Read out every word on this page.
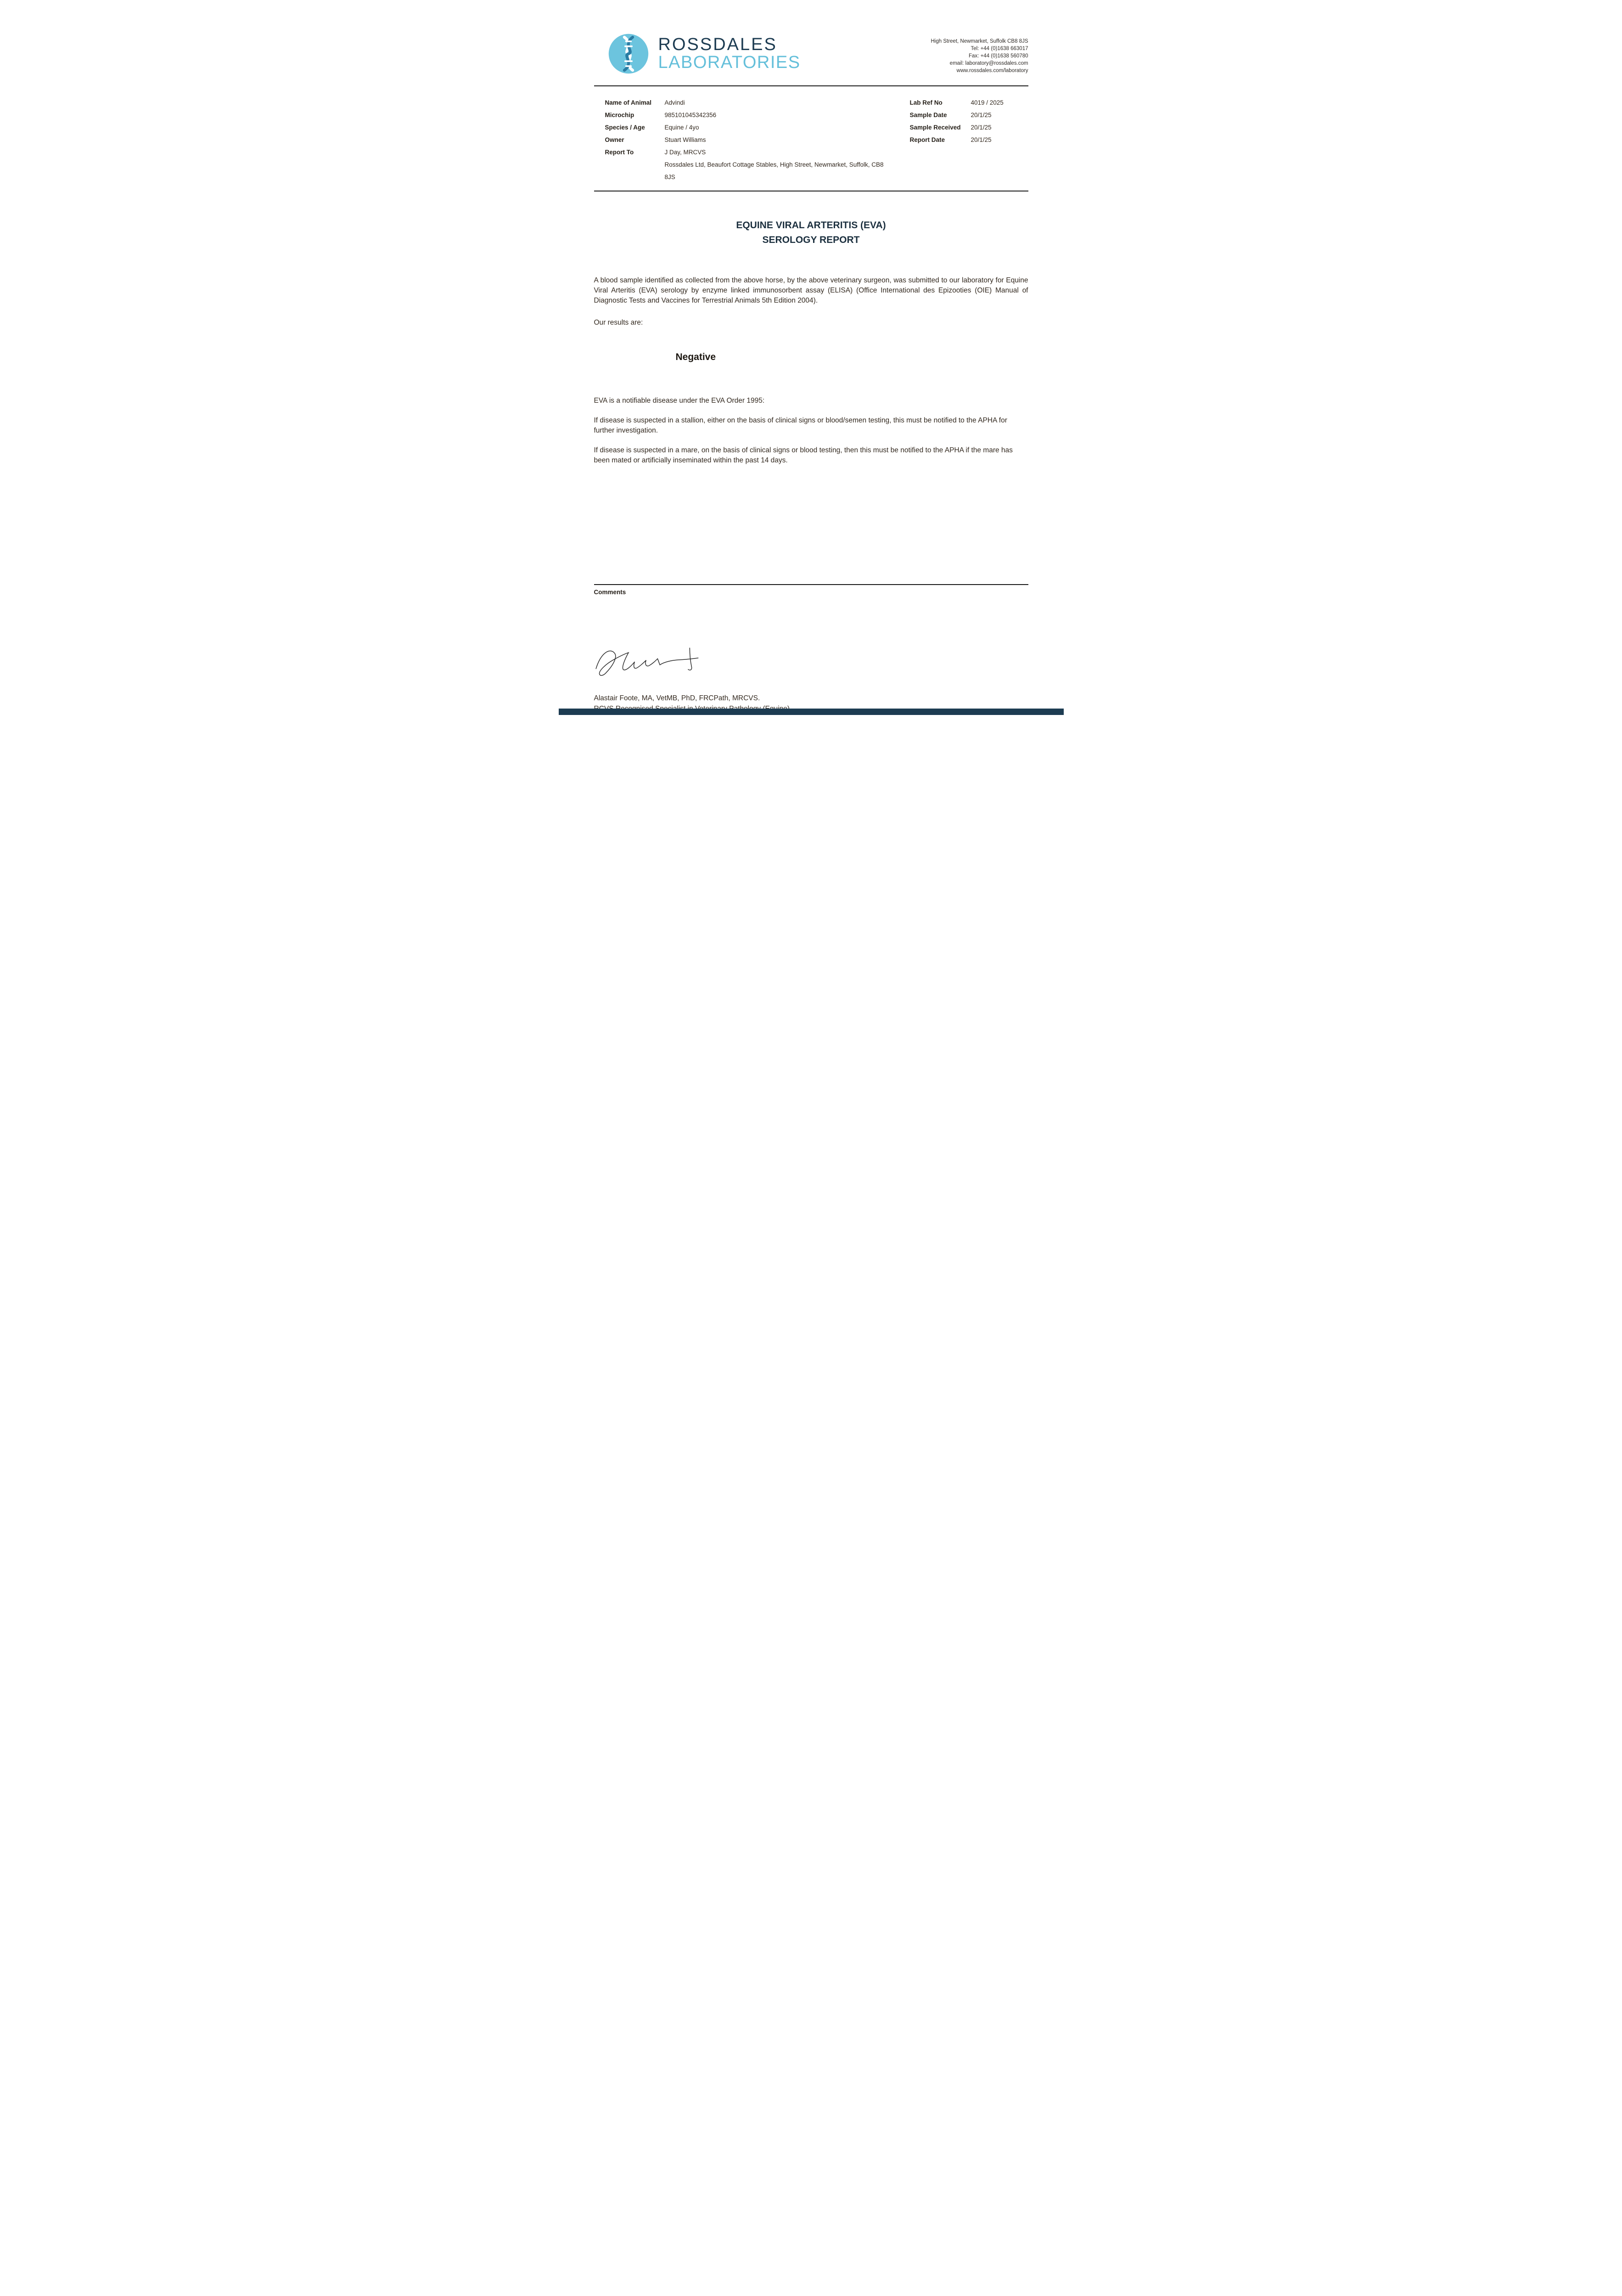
ROSSDALES
LABORATORIES
High Street, Newmarket, Suffolk CB8 8JS
Tel: +44 (0)1638 663017
Fax: +44 (0)1638 560780
email: laboratory@rossdales.com
www.rossdales.com/laboratory
Name of Animal	Advindi
Microchip	985101045342356
Species / Age	Equine / 4yo
Owner	Stuart Williams
Report To	J Day, MRCVS
Rossdales Ltd, Beaufort Cottage Stables, High Street, Newmarket, Suffolk, CB8 8JS
Lab Ref No	4019 / 2025
Sample Date	20/1/25
Sample Received	20/1/25
Report Date	20/1/25
EQUINE VIRAL ARTERITIS (EVA)
SEROLOGY REPORT

A blood sample identified as collected from the above horse, by the above veterinary surgeon, was submitted to our laboratory for Equine Viral Arteritis (EVA) serology by enzyme linked immunosorbent assay (ELISA) (Office International des Epizooties (OIE) Manual of Diagnostic Tests and Vaccines for Terrestrial Animals 5th Edition 2004).

Our results are:

Negative

EVA is a notifiable disease under the EVA Order 1995:

If disease is suspected in a stallion, either on the basis of clinical signs or blood/semen testing, this must be notified to the APHA for further investigation.

If disease is suspected in a mare, on the basis of clinical signs or blood testing, then this must be notified to the APHA if the mare has been mated or artificially inseminated within the past 14 days.

Comments
Alastair Foote, MA, VetMB, PhD, FRCPath, MRCVS.
